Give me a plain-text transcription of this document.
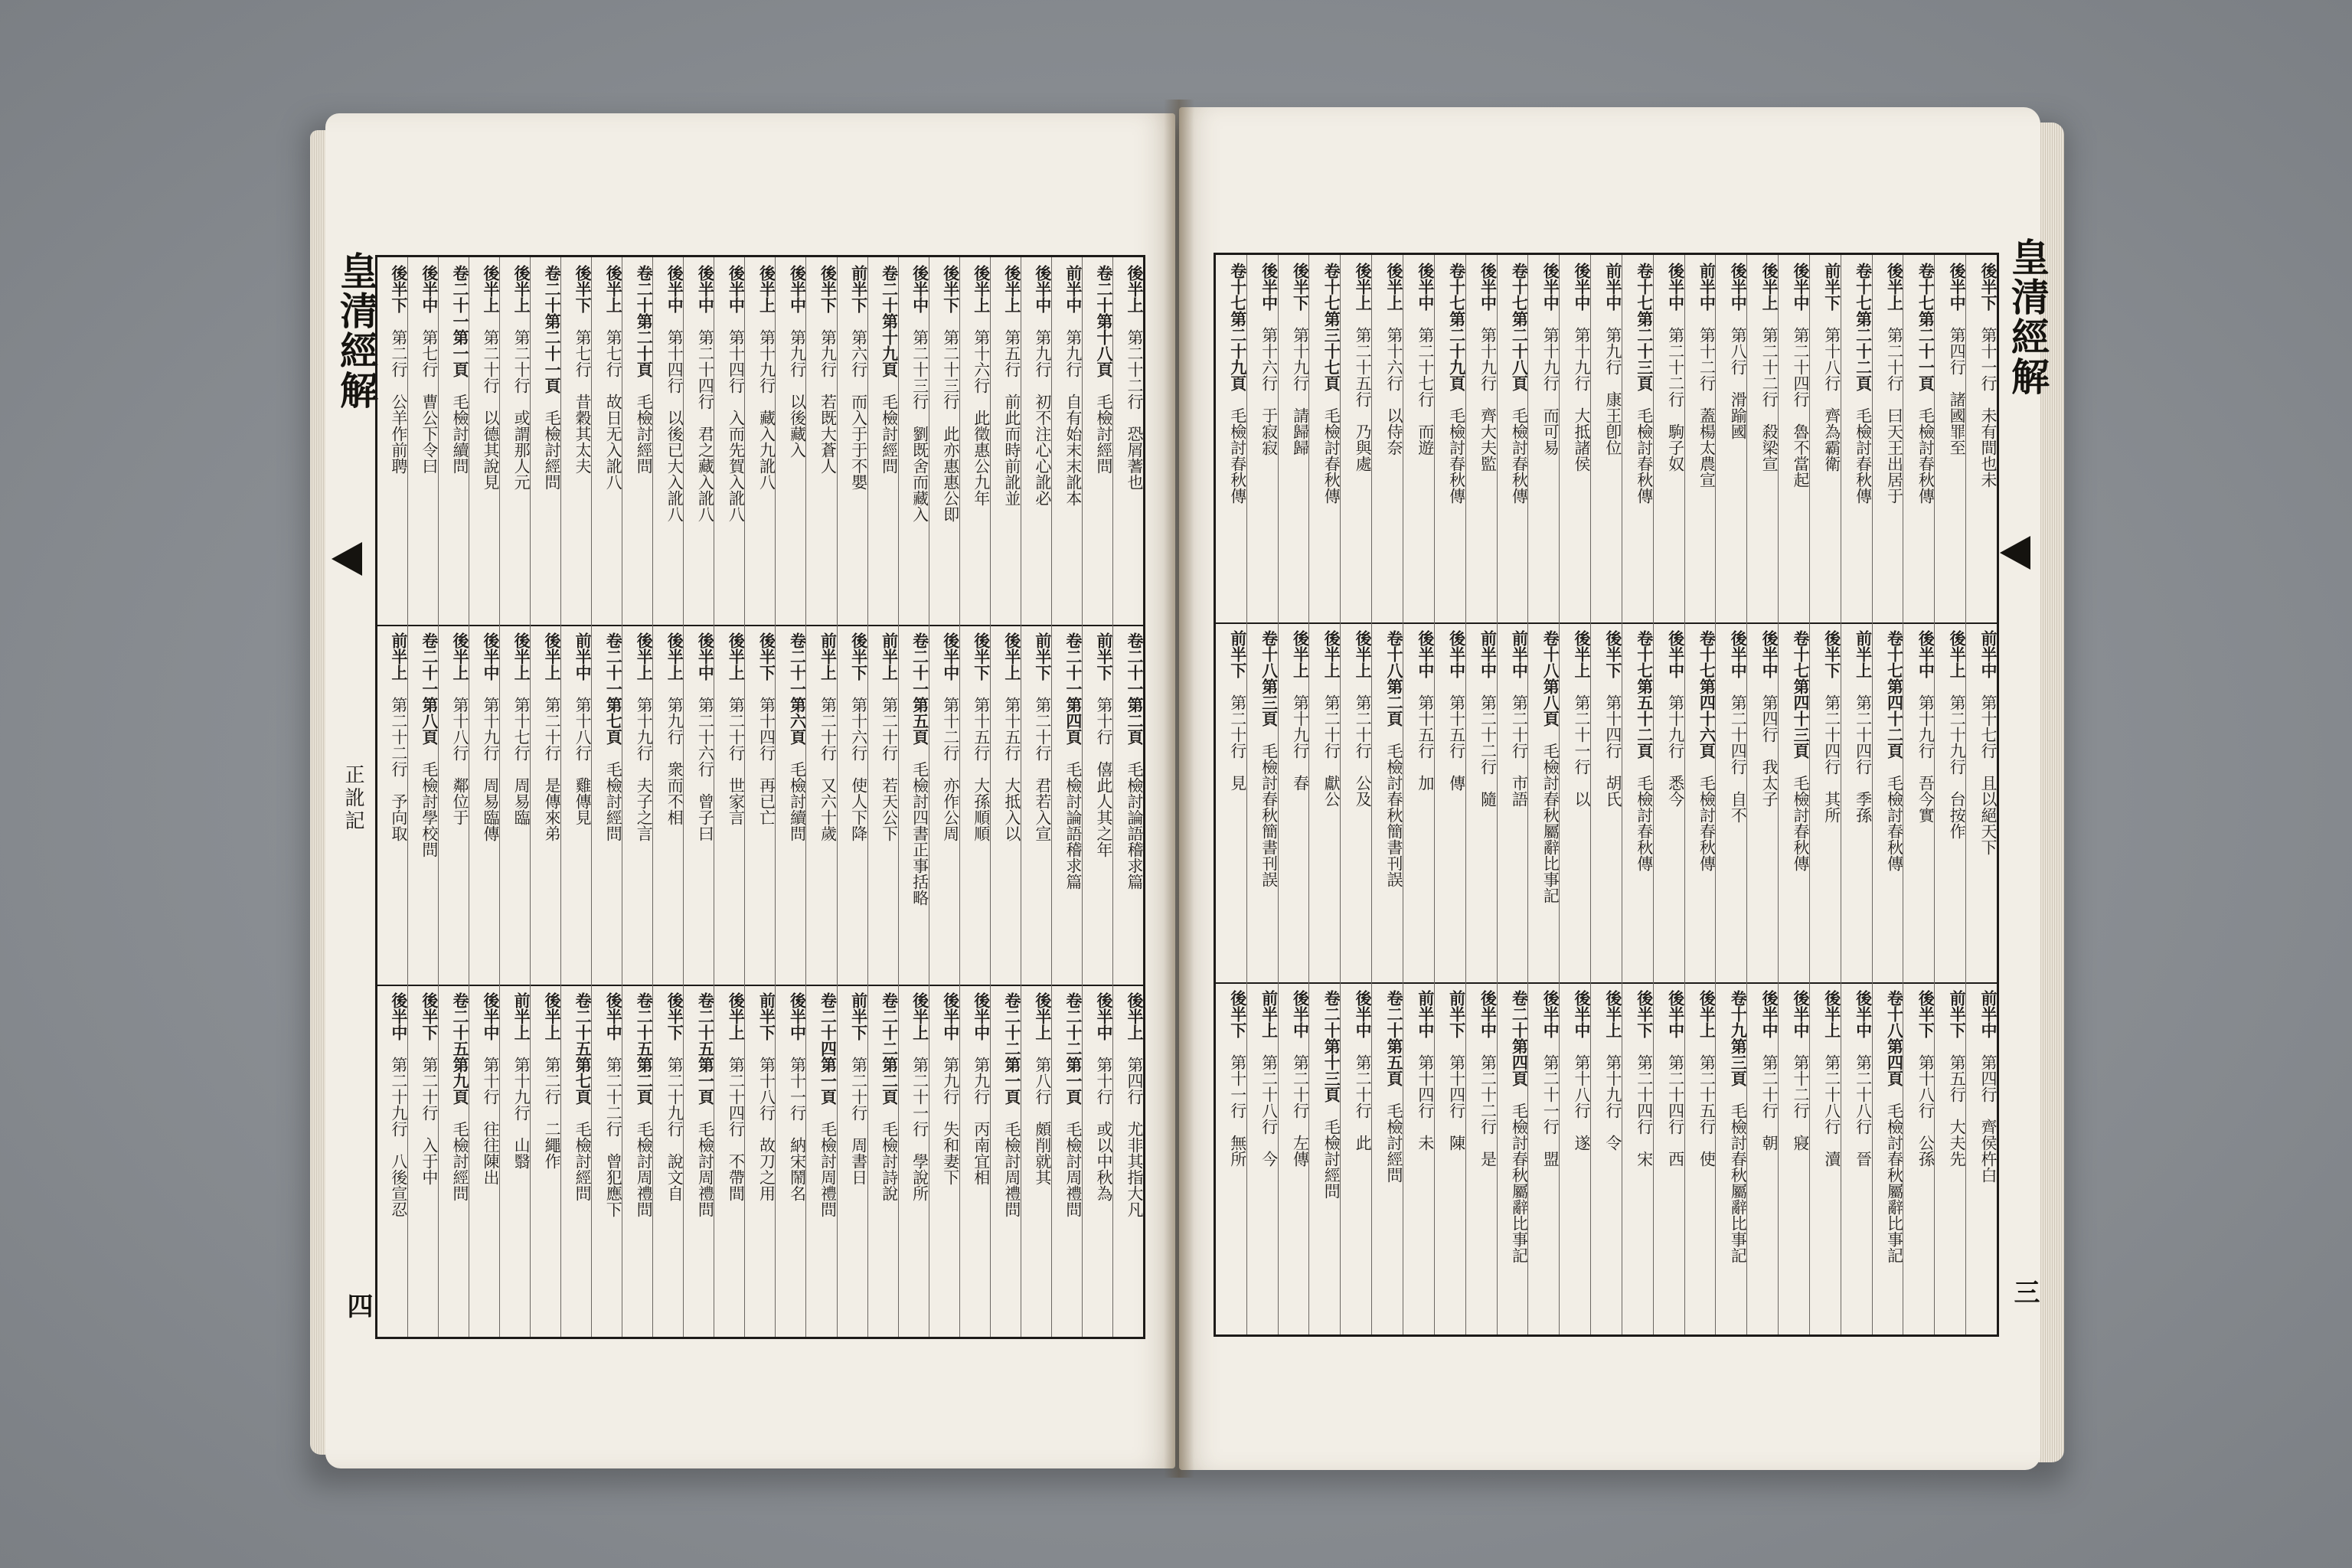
皇清經解
正訛記
四
後半上　第二十二行　恐屑蓍也
卷二十第十八頁　毛檢討經問
前半中　第九行　自有始末末訛本
後半中　第九行　初不注心心訛必
後半上　第五行　前此而時前訛並
後半上　第十六行　此徵惠公九年
後半下　第二十三行　此亦惠惠公即
後半中　第二十三行　劉既舍而藏入
卷二十第十九頁　毛檢討經問
前半下　第六行　而入于于不嬰
後半下　第九行　若既大蒼人
後半中　第九行　以後藏入
後半上　第十九行　藏入九訛八
後半中　第十四行　入而先賀入訛八
後半中　第二十四行　君之藏入訛八
後半中　第十四行　以後已大入訛八
卷二十第二十頁　毛檢討經問
後半上　第七行　故日无入訛八
後半下　第七行　昔穀其太夫
卷二十第二十一頁　毛檢討經問
後半上　第二十行　或謂那人元
後半上　第二十行　以德其說見
卷二十一第一頁　毛檢討續問
後半中　第七行　曹公下令曰
後半下　第二行　公羊作前聘
卷二十一第二頁　毛檢討論語稽求篇
前半下　第十行　僖此人其之年
卷二十一第四頁　毛檢討論語稽求篇
前半下　第二十行　君若入宣
後半上　第十五行　大抵入以
後半下　第十五行　大孫順順
後半中　第十二行　亦作公周
卷二十一第五頁　毛檢討四書正事括略
前半上　第二十行　若天公下
後半下　第十六行　使人下降
前半上　第二十行　又六十歲
卷二十一第六頁　毛檢討續問
後半下　第十四行　再已亡
後半上　第二十行　世家言
後半中　第二十六行　曾子曰
後半上　第九行　衆而不相
後半上　第十九行　夫子之言
卷二十一第七頁　毛檢討經問
前半中　第十八行　雞傳見
後半上　第二十行　是傳來弟
後半上　第十七行　周易臨
後半中　第十九行　周易臨傳
後半上　第十八行　鄰位于
卷二十一第八頁　毛檢討學校問
前半上　第二十二行　予向取
後半上　第四行　尤非其指大凡
後半中　第十行　或以中秋為
卷二十二第一頁　毛檢討周禮問
後半上　第八行　頗削就其
卷二十二第一頁　毛檢討周禮問
後半中　第九行　丙南宜相
後半中　第九行　失和妻下
後半上　第二十一行　學說所
卷二十二第二頁　毛檢討詩說
前半下　第二十行　周書日
卷二十四第一頁　毛檢討周禮問
後半中　第十一行　納宋鬧名
前半下　第十八行　故刀之用
後半上　第二十四行　不帶間
卷二十五第一頁　毛檢討周禮問
後半下　第二十九行　說文自
卷二十五第二頁　毛檢討周禮問
後半中　第二十二行　曾犯應下
卷二十五第七頁　毛檢討經問
後半上　第二行　二繩作
前半上　第十九行　山翳
後半中　第十行　往往陳出
卷二十五第九頁　毛檢討經問
後半下　第二十行　入于中
後半中　第二十九行　八後宣忍
皇清經解
三
後半下　第十一行　未有間也未
後半中　第四行　諸國罪至
卷十七第二十一頁　毛檢討春秋傳
後半上　第二十行　曰天王出居于
卷十七第二十二頁　毛檢討春秋傳
前半下　第十八行　齊為霸衛
後半中　第二十四行　魯不當起
後半上　第二十二行　殺梁宣
後半中　第八行　滑踰國
前半中　第十二行　蓋楊太農宣
後半中　第二十二行　駒子奴
卷十七第二十三頁　毛檢討春秋傳
前半中　第九行　康王卽位
後半中　第十九行　大抵諸侯
後半中　第十九行　而可易
卷十七第二十八頁　毛檢討春秋傳
後半中　第十九行　齊大夫監
卷十七第二十九頁　毛檢討春秋傳
後半中　第二十七行　而遊
後半上　第十六行　以侍奈
後半上　第二十五行　乃與處
卷十七第三十七頁　毛檢討春秋傳
後半下　第十九行　請歸歸
後半中　第十六行　于寂寂
卷十七第二十九頁　毛檢討春秋傳
前半中　第十七行　且以絕天下
後半上　第二十九行　台按作
後半中　第十九行　吾今實
卷十七第四十二頁　毛檢討春秋傳
前半上　第二十四行　季孫
後半下　第二十四行　其所
卷十七第四十三頁　毛檢討春秋傳
後半中　第四行　我太子
後半中　第二十四行　自不
卷十七第四十六頁　毛檢討春秋傳
後半中　第十九行　悉今
卷十七第五十二頁　毛檢討春秋傳
後半下　第十四行　胡氏
後半上　第二十一行　以
卷十八第八頁　毛檢討春秋屬辭比事記
前半中　第二十行　市語
前半中　第二十二行　隨
後半中　第十五行　傳
後半中　第十五行　加
卷十八第二頁　毛檢討春秋簡書刊誤
後半上　第二十行　公及
後半上　第二十行　獻公
後半上　第十九行　春
卷十八第三頁　毛檢討春秋簡書刊誤
前半下　第二十行　見
前半中　第四行　齊侯杵白
前半下　第五行　大夫先
後半下　第十八行　公孫
卷十八第四頁　毛檢討春秋屬辭比事記
後半中　第二十八行　晉
後半上　第二十八行　瀆
後半中　第十二行　寢
後半中　第二十行　朝
卷十九第三頁　毛檢討春秋屬辭比事記
後半上　第二十五行　使
後半中　第二十四行　西
後半下　第二十四行　宋
後半上　第十九行　令
後半中　第十八行　遂
後半中　第二十一行　盟
卷二十第四頁　毛檢討春秋屬辭比事記
後半中　第二十二行　是
前半下　第十四行　陳
前半中　第十四行　未
卷二十第五頁　毛檢討經問
後半中　第二十行　此
卷二十第十三頁　毛檢討經問
後半中　第二十行　左傳
前半上　第二十八行　今
後半下　第十一行　無所
